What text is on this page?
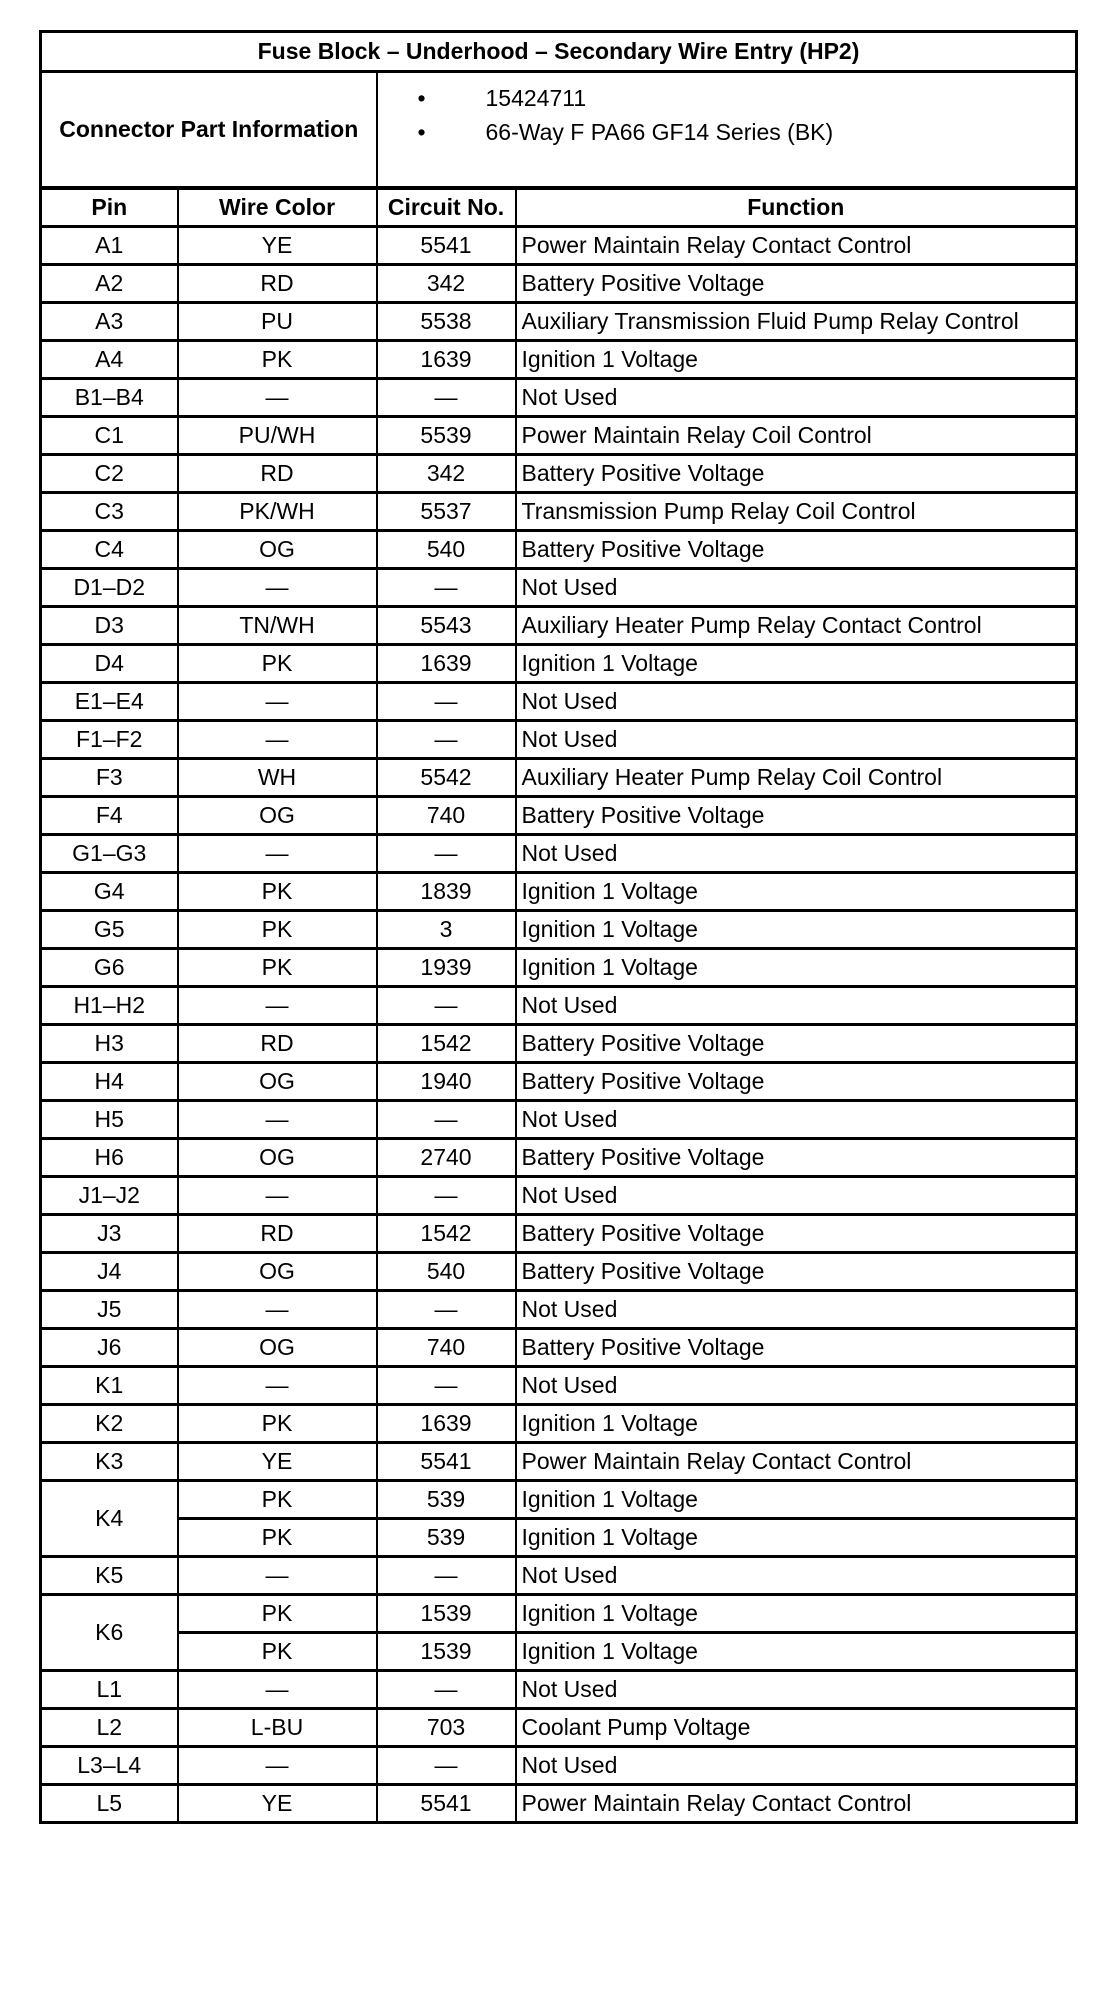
Fuse Block – Underhood – Secondary Wire Entry (HP2)			
Connector Part Information		• 15424711
• 66-Way F PA66 GF14 Series (BK)	

Pin	Wire Color	Circuit No.	Function
A1	YE	5541	Power Maintain Relay Contact Control
A2	RD	342	Battery Positive Voltage
A3	PU	5538	Auxiliary Transmission Fluid Pump Relay Control
A4	PK	1639	Ignition 1 Voltage
B1–B4	—	—	Not Used
C1	PU/WH	5539	Power Maintain Relay Coil Control
C2	RD	342	Battery Positive Voltage
C3	PK/WH	5537	Transmission Pump Relay Coil Control
C4	OG	540	Battery Positive Voltage
D1–D2	—	—	Not Used
D3	TN/WH	5543	Auxiliary Heater Pump Relay Contact Control
D4	PK	1639	Ignition 1 Voltage
E1–E4	—	—	Not Used
F1–F2	—	—	Not Used
F3	WH	5542	Auxiliary Heater Pump Relay Coil Control
F4	OG	740	Battery Positive Voltage
G1–G3	—	—	Not Used
G4	PK	1839	Ignition 1 Voltage
G5	PK	3	Ignition 1 Voltage
G6	PK	1939	Ignition 1 Voltage
H1–H2	—	—	Not Used
H3	RD	1542	Battery Positive Voltage
H4	OG	1940	Battery Positive Voltage
H5	—	—	Not Used
H6	OG	2740	Battery Positive Voltage
J1–J2	—	—	Not Used
J3	RD	1542	Battery Positive Voltage
J4	OG	540	Battery Positive Voltage
J5	—	—	Not Used
J6	OG	740	Battery Positive Voltage
K1	—	—	Not Used
K2	PK	1639	Ignition 1 Voltage
K3	YE	5541	Power Maintain Relay Contact Control
K4	PK	539	Ignition 1 Voltage
	PK	539	Ignition 1 Voltage
K5	—	—	Not Used
K6	PK	1539	Ignition 1 Voltage
	PK	1539	Ignition 1 Voltage
L1	—	—	Not Used
L2	L-BU	703	Coolant Pump Voltage
L3–L4	—	—	Not Used
L5	YE	5541	Power Maintain Relay Contact Control
